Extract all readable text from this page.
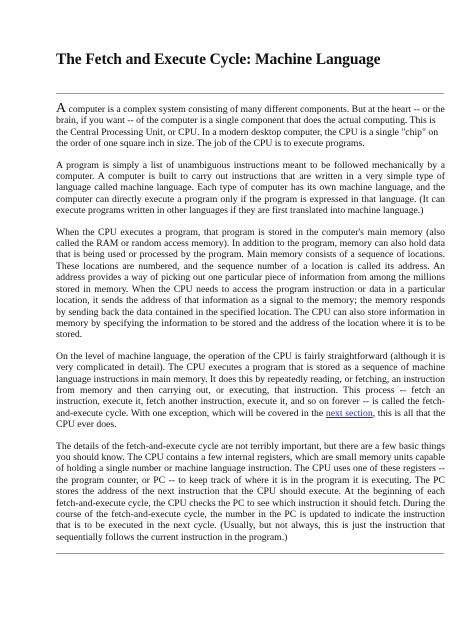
The Fetch and Execute Cycle: Machine Language

A computer is a complex system consisting of many different components. But at the heart -- or the brain, if you want -- of the computer is a single component that does the actual computing. This is the Central Processing Unit, or CPU. In a modern desktop computer, the CPU is a single "chip" on the order of one square inch in size. The job of the CPU is to execute programs.

A program is simply a list of unambiguous instructions meant to be followed mechanically by a computer. A computer is built to carry out instructions that are written in a very simple type of language called machine language. Each type of computer has its own machine language, and the computer can directly execute a program only if the program is expressed in that language. (It can execute programs written in other languages if they are first translated into machine language.)

When the CPU executes a program, that program is stored in the computer's main memory (also called the RAM or random access memory). In addition to the program, memory can also hold data that is being used or processed by the program. Main memory consists of a sequence of locations. These locations are numbered, and the sequence number of a location is called its address. An address provides a way of picking out one particular piece of information from among the millions stored in memory. When the CPU needs to access the program instruction or data in a particular location, it sends the address of that information as a signal to the memory; the memory responds by sending back the data contained in the specified location. The CPU can also store information in memory by specifying the information to be stored and the address of the location where it is to be stored.

On the level of machine language, the operation of the CPU is fairly straightforward (although it is very complicated in detail). The CPU executes a program that is stored as a sequence of machine language instructions in main memory. It does this by repeatedly reading, or fetching, an instruction from memory and then carrying out, or executing, that instruction. This process -- fetch an instruction, execute it, fetch another instruction, execute it, and so on forever -- is called the fetch-and-execute cycle. With one exception, which will be covered in the next section, this is all that the CPU ever does.

The details of the fetch-and-execute cycle are not terribly important, but there are a few basic things you should know. The CPU contains a few internal registers, which are small memory units capable of holding a single number or machine language instruction. The CPU uses one of these registers -- the program counter, or PC -- to keep track of where it is in the program it is executing. The PC stores the address of the next instruction that the CPU should execute. At the beginning of each fetch-and-execute cycle, the CPU checks the PC to see which instruction it should fetch. During the course of the fetch-and-execute cycle, the number in the PC is updated to indicate the instruction that is to be executed in the next cycle. (Usually, but not always, this is just the instruction that sequentially follows the current instruction in the program.)
